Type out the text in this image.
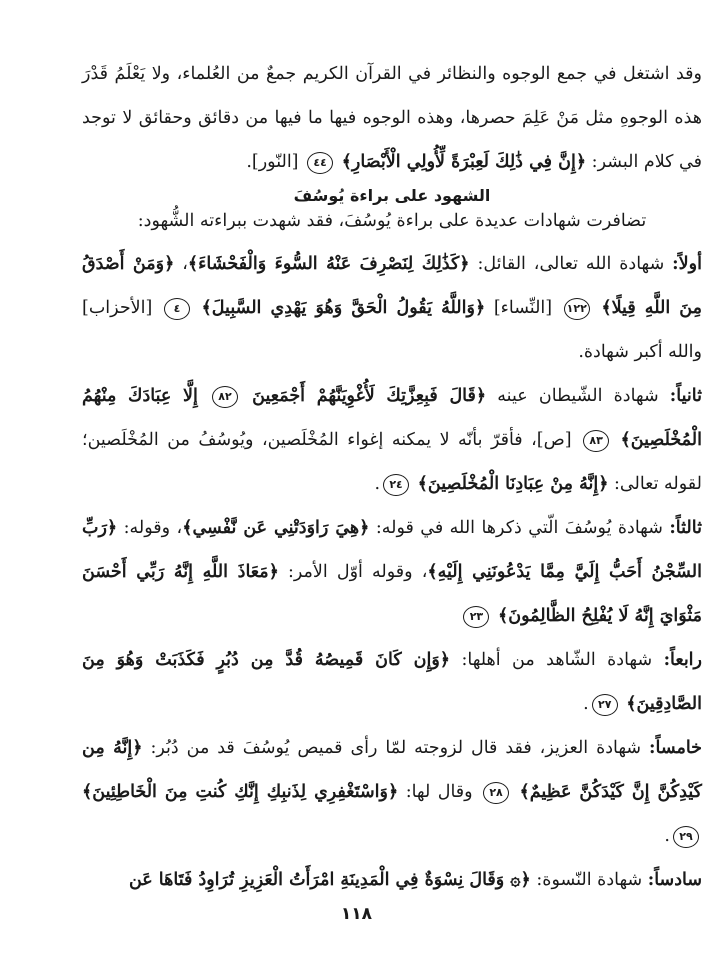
وقد اشتغل في جمع الوجوه والنظائر في القرآن الكريم جمعٌ من العُلماء، ولا يَعْلَمُ قَدْرَ هذه الوجوهِ مثل مَنْ عَلِمَ حصرها، وهذه الوجوه فيها ما فيها من دقائق وحقائق لا توجد في كلام البشر: ﴿إِنَّ فِي ذَٰلِكَ لَعِبْرَةً لِّأُولِي الْأَبْصَارِ﴾ ٤٤ [النّور].

الشهود على براءة يُوسُفَ

تضافرت شهادات عديدة على براءة يُوسُفَ، فقد شهدت ببراءته الشُّهود:

أولاً: شهادة الله تعالى، القائل: ﴿كَذَٰلِكَ لِنَصْرِفَ عَنْهُ السُّوءَ وَالْفَحْشَاءَ﴾، ﴿وَمَنْ أَصْدَقُ مِنَ اللَّهِ قِيلًا﴾ ١٢٢ [النِّساء] ﴿وَاللَّهُ يَقُولُ الْحَقَّ وَهُوَ يَهْدِي السَّبِيلَ﴾ ٤ [الأحزاب] والله أكبر شهادة.

ثانياً: شهادة الشّيطان عينه ﴿قَالَ فَبِعِزَّتِكَ لَأُغْوِيَنَّهُمْ أَجْمَعِينَ ٨٢ إِلَّا عِبَادَكَ مِنْهُمُ الْمُخْلَصِينَ﴾ ٨٣ [ص]، فأقرّ بأنّه لا يمكنه إغواء المُخْلَصين، ويُوسُفُ من المُخْلَصين؛ لقوله تعالى: ﴿إِنَّهُ مِنْ عِبَادِنَا الْمُخْلَصِينَ﴾ ٢٤.

ثالثاً: شهادة يُوسُفَ الّتي ذكرها الله في قوله: ﴿هِيَ رَاوَدَتْنِي عَن نَّفْسِي﴾، وقوله: ﴿رَبِّ السِّجْنُ أَحَبُّ إِلَيَّ مِمَّا يَدْعُونَنِي إِلَيْهِ﴾، وقوله أوّل الأمر: ﴿مَعَاذَ اللَّهِ إِنَّهُ رَبِّي أَحْسَنَ مَثْوَايَ إِنَّهُ لَا يُفْلِحُ الظَّالِمُونَ﴾ ٢٣

رابعاً: شهادة الشّاهد من أهلها: ﴿وَإِن كَانَ قَمِيصُهُ قُدَّ مِن دُبُرٍ فَكَذَبَتْ وَهُوَ مِنَ الصَّادِقِينَ﴾ ٢٧.

خامساً: شهادة العزيز، فقد قال لزوجته لمّا رأى قميص يُوسُفَ قد من دُبُر: ﴿إِنَّهُ مِن كَيْدِكُنَّ إِنَّ كَيْدَكُنَّ عَظِيمٌ﴾ ٢٨ وقال لها: ﴿وَاسْتَغْفِرِي لِذَنبِكِ إِنَّكِ كُنتِ مِنَ الْخَاطِئِينَ﴾ ٢٩.

سادساً: شهادة النّسوة: ﴿۞ وَقَالَ نِسْوَةٌ فِي الْمَدِينَةِ امْرَأَتُ الْعَزِيزِ تُرَاوِدُ فَتَاهَا عَن

١١٨
